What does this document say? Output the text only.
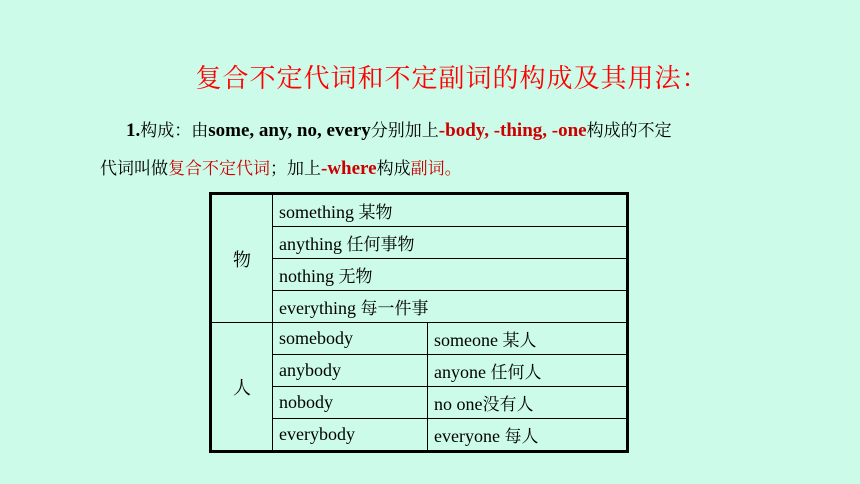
复合不定代词和不定副词的构成及其用法：
1.构成：由some, any, no, every分别加上-body, -thing, -one构成的不定
代词叫做复合不定代词；加上-where构成副词。
物	something 某物	
	anything 任何事物	
	nothing 无物	
	everything 每一件事	
人	somebody	someone 某人
	anybody	anyone 任何人
	nobody	no one没有人
	everybody	everyone 每人
